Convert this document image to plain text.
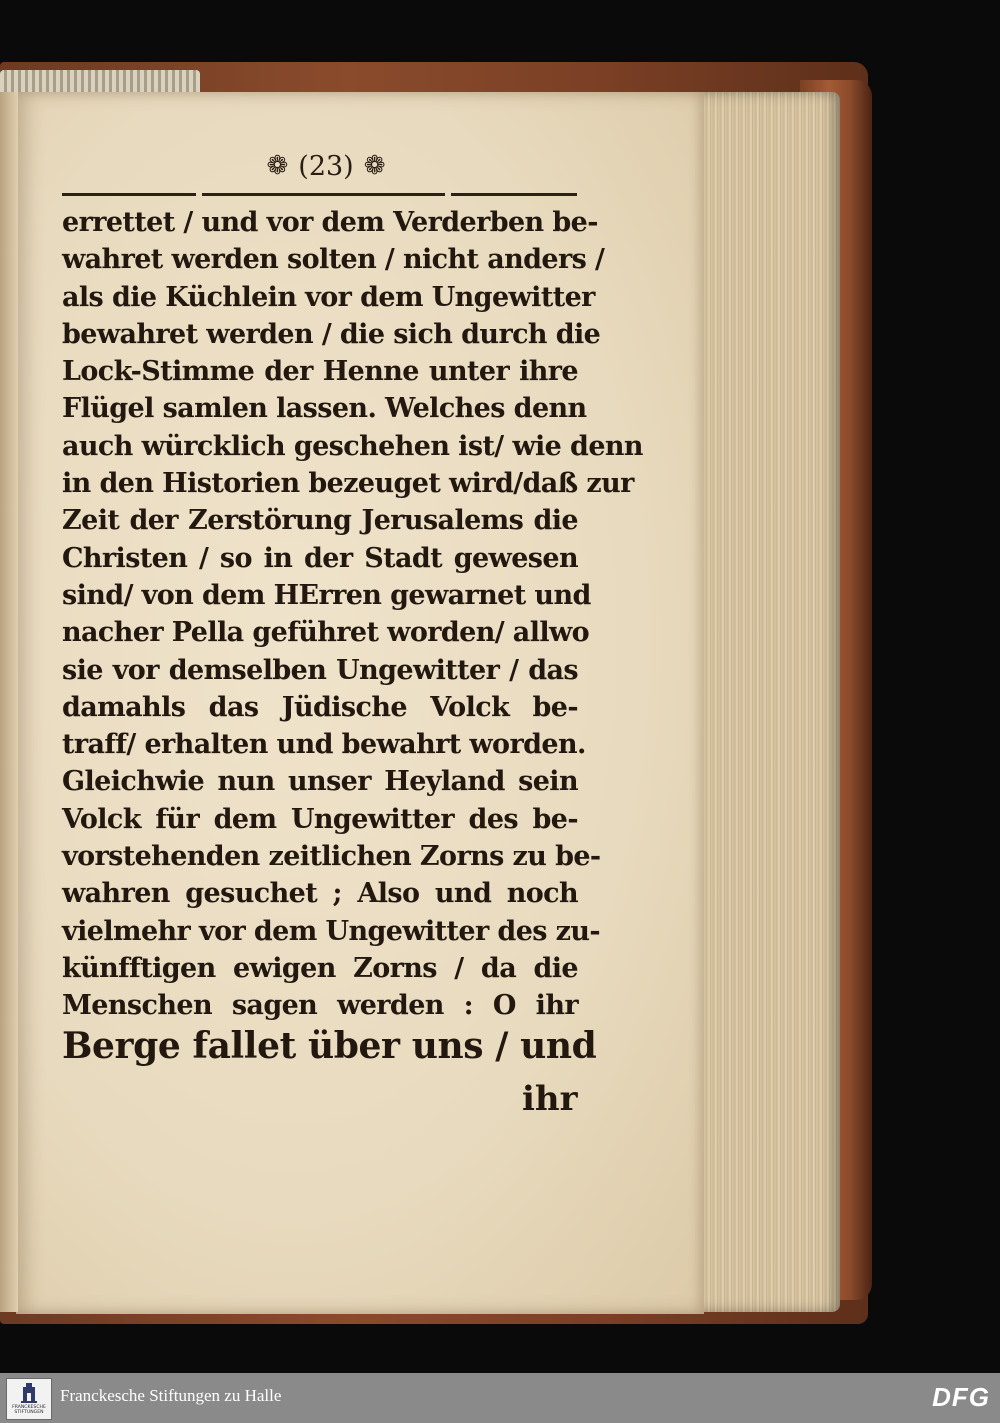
❁ (23) ❁
errettet / und vor dem Verderben be-
wahret werden solten / nicht anders /
als die Küchlein vor dem Ungewitter
bewahret werden / die sich durch die
Lock-Stimme der Henne unter ihre
Flügel samlen lassen. Welches denn
auch würcklich geschehen ist/ wie denn
in den Historien bezeuget wird/daß zur
Zeit der Zerstörung Jerusalems die
Christen / so in der Stadt gewesen
sind/ von dem HErren gewarnet und
nacher Pella geführet worden/ allwo
sie vor demselben Ungewitter / das
damahls das Jüdische Volck be-
traff/ erhalten und bewahrt worden.
Gleichwie nun unser Heyland sein
Volck für dem Ungewitter des be-
vorstehenden zeitlichen Zorns zu be-
wahren gesuchet ; Also und noch
vielmehr vor dem Ungewitter des zu-
künfftigen ewigen Zorns / da die
Menschen sagen werden : O ihr
Berge fallet über uns / und
ihr
FRANCKESCHE STIFTUNGEN
Franckesche Stiftungen zu Halle	DFG
